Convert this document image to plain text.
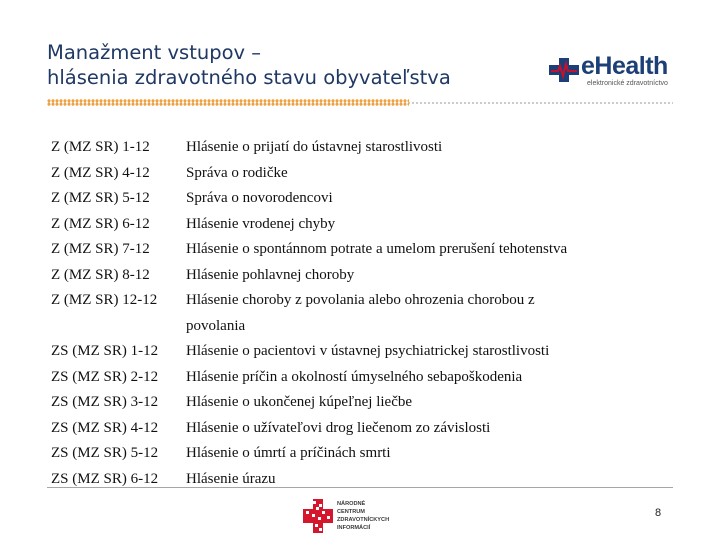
Manažment vstupov –
hlásenia zdravotného stavu obyvateľstva	eHealth
elektronické zdravotníctvo
Z (MZ SR) 1-12	Hlásenie o prijatí do ústavnej starostlivosti
Z (MZ SR) 4-12	Správa o rodičke
Z (MZ SR) 5-12	Správa o novorodencovi
Z (MZ SR) 6-12	Hlásenie vrodenej chyby
Z (MZ SR) 7-12	Hlásenie o spontánnom potrate a umelom prerušení tehotenstva
Z (MZ SR) 8-12	Hlásenie pohlavnej choroby
Z (MZ SR) 12-12	Hlásenie choroby z povolania alebo ohrozenia chorobou z
povolania
ZS (MZ SR) 1-12	Hlásenie o pacientovi v ústavnej psychiatrickej starostlivosti
ZS (MZ SR) 2-12	Hlásenie príčin a okolností úmyselného sebapoškodenia
ZS (MZ SR) 3-12	Hlásenie o ukončenej kúpeľnej liečbe
ZS (MZ SR) 4-12	Hlásenie o užívateľovi drog liečenom zo závislosti
ZS (MZ SR) 5-12	Hlásenie o úmrtí a príčinách smrti
ZS (MZ SR) 6-12	Hlásenie úrazu
NÁRODNÉ
CENTRUM
ZDRAVOTNÍCKYCH
INFORMÁCIÍ
8
